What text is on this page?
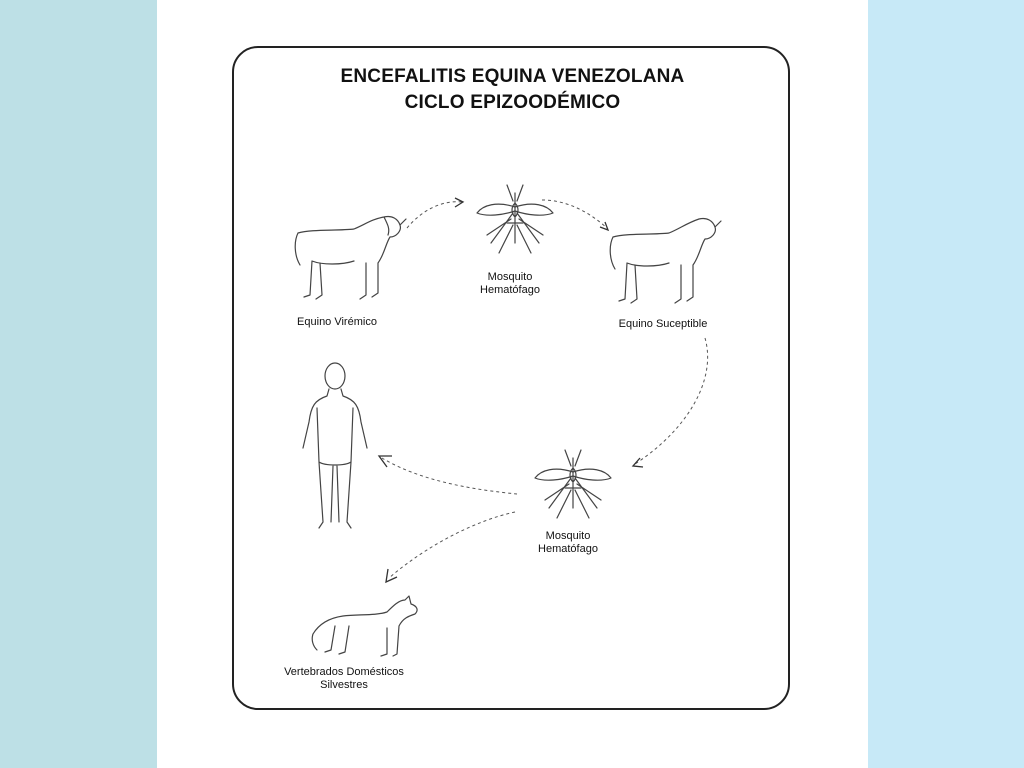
ENCEFALITIS EQUINA VENEZOLANA
CICLO EPIZOODÉMICO
Equino Virémico
Mosquito
Hematófago
Equino Suceptible
Mosquito
Hematófago
Vertebrados Domésticos
Silvestres
